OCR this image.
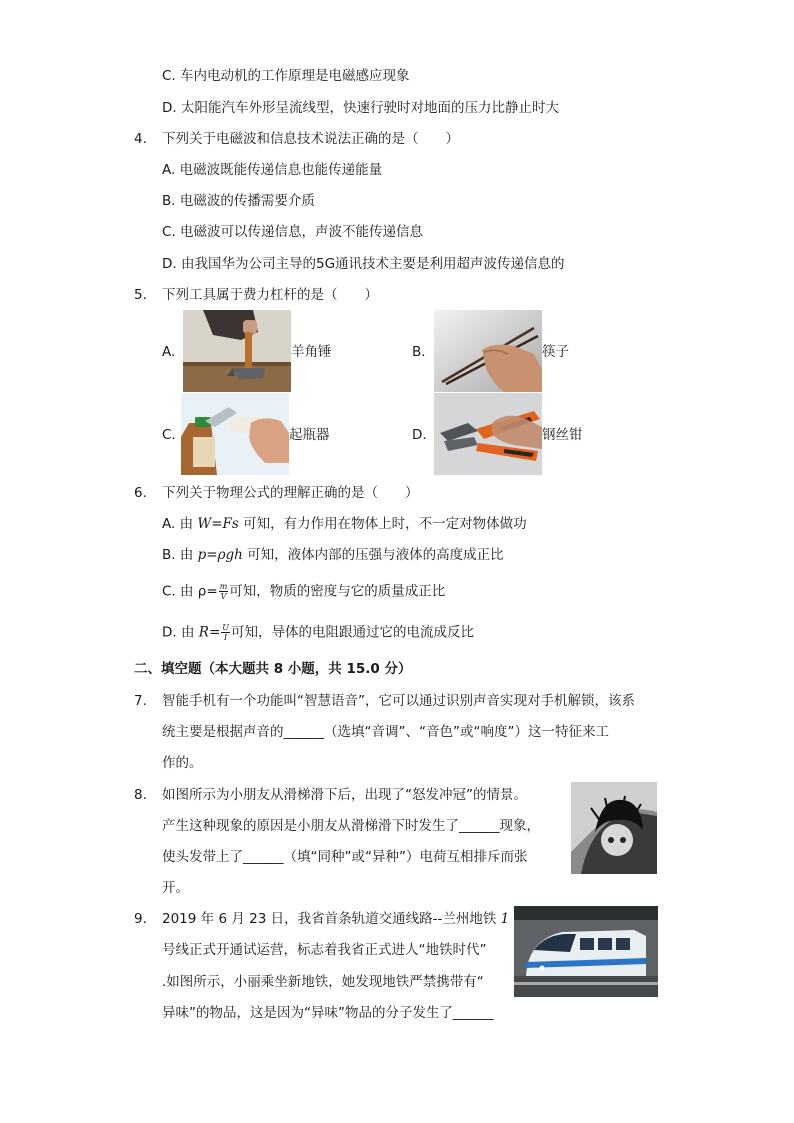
C. 车内电动机的工作原理是电磁感应现象
D. 太阳能汽车外形呈流线型，快速行驶时对地面的压力比静止时大
4. 下列关于电磁波和信息技术说法正确的是（　　）
A. 电磁波既能传递信息也能传递能量
B. 电磁波的传播需要介质
C. 电磁波可以传递信息，声波不能传递信息
D. 由我国华为公司主导的5G通讯技术主要是利用超声波传递信息的
5. 下列工具属于费力杠杆的是（　　）
A.	羊角锤	B.	筷子
C.	起瓶器	D.	钢丝钳
6. 下列关于物理公式的理解正确的是（　　）
A. 由 W=Fs 可知，有力作用在物体上时，不一定对物体做功
B. 由 p=ρgh 可知，液体内部的压强与液体的高度成正比
C. 由 $\rho= \frac{m}{V}$ 可知，物质的密度与它的质量成正比
D. 由 $R= \frac{U}{I}$ 可知，导体的电阻跟通过它的电流成反比
二、填空题（本大题共 8 小题，共 15.0 分）
7. 智能手机有一个功能叫“智慧语音”，它可以通过识别声音实现对手机解锁，该系
统主要是根据声音的______（选填“音调”、“音色”或“响度”）这一特征来工
作的。
8. 如图所示为小朋友从滑梯滑下后，出现了“怒发冲冠”的情景。
产生这种现象的原因是小朋友从滑梯滑下时发生了______现象，
使头发带上了______（填“同种”或“异种”）电荷互相排斥而张
开。
9. 2019 年 6 月 23 日，我省首条轨道交通线路--兰州地铁 1
号线正式开通试运营，标志着我省正式进人“地铁时代”
.如图所示，小丽乘坐新地铁，她发现地铁严禁携带有“
异味”的物品，这是因为“异味”物品的分子发生了______
